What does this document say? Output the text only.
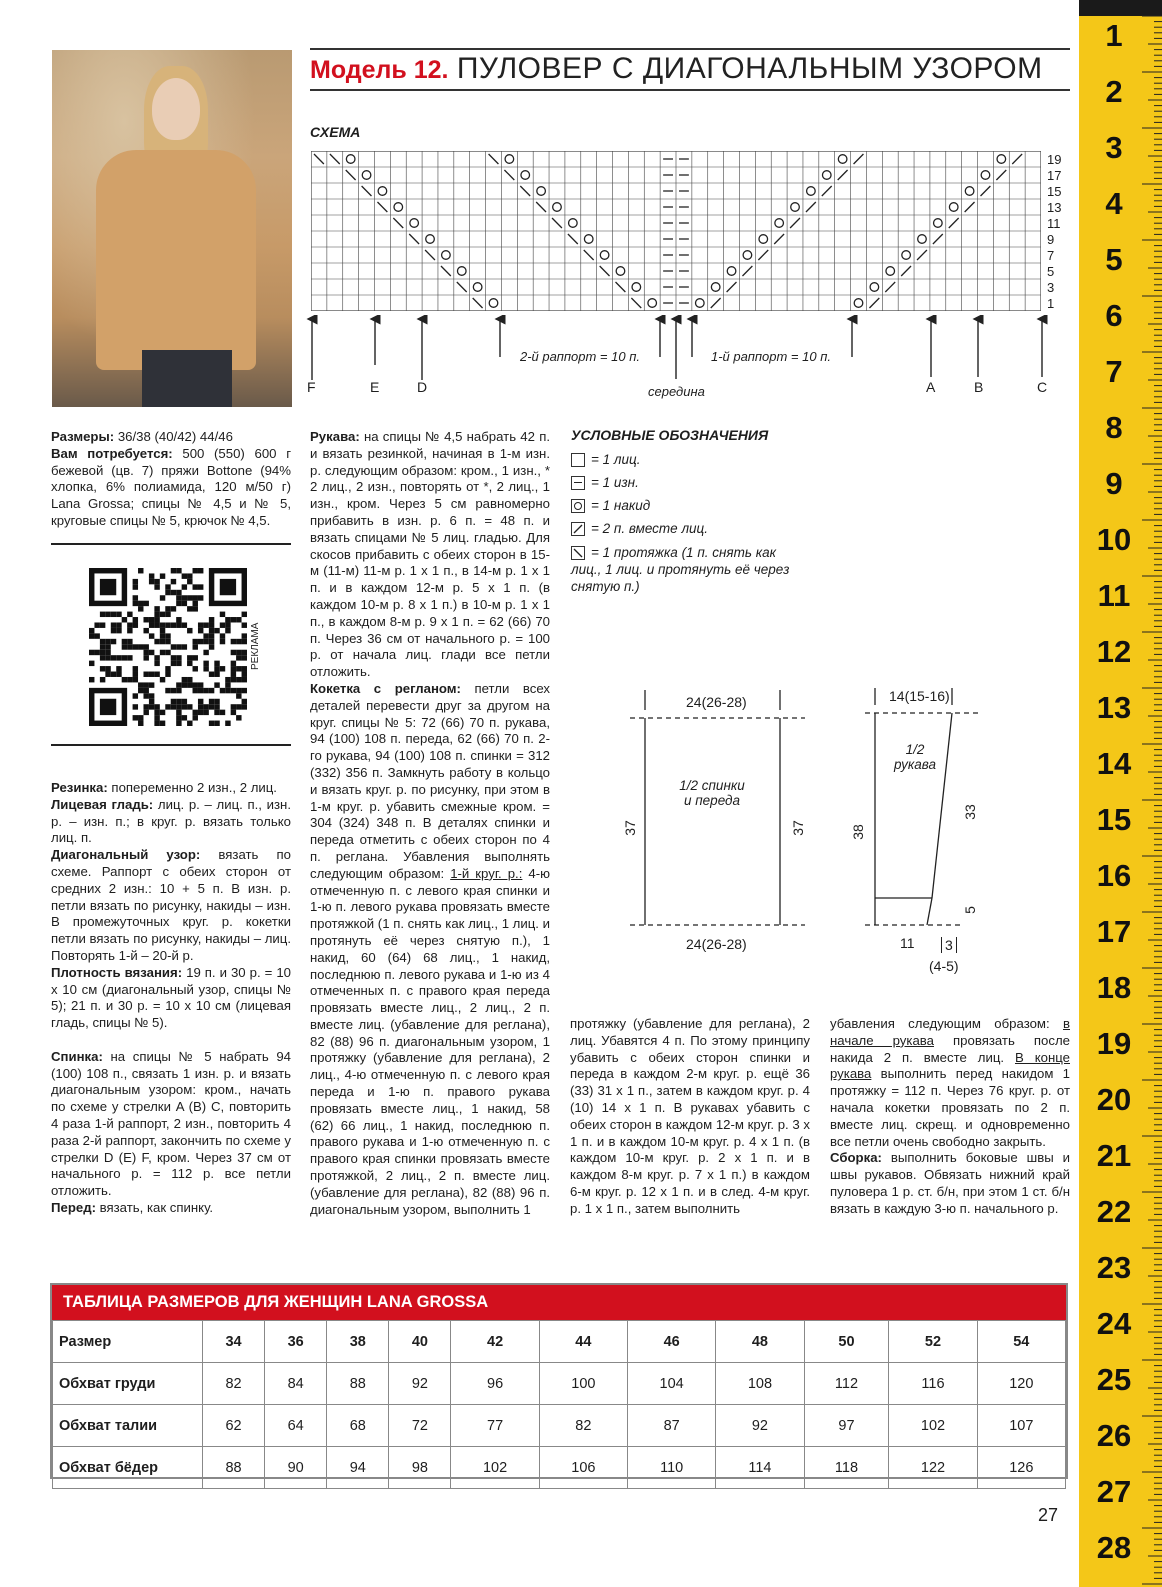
Модель 12. ПУЛОВЕР С ДИАГОНАЛЬНЫМ УЗОРОМ
СХЕМА
19
17
15
13
11
9
7
5
3
1
F	E	D	A	B	C
2-й раппорт = 10 п.	1-й раппорт = 10 п.
середина
Размеры: 36/38 (40/42) 44/46
Вам потребуется: 500 (550) 600 г бежевой (цв. 7) пряжи Bottone (94% хлопка, 6% полиамида, 120 м/50 г) Lana Grossa; спицы № 4,5 и № 5, круговые спицы № 5, крючок № 4,5.
РЕКЛАМА
Резинка: попеременно 2 изн., 2 лиц.
Лицевая гладь: лиц. р. – лиц. п., изн. р. – изн. п.; в круг. р. вязать только лиц. п.
Диагональный узор: вязать по схеме. Раппорт с обеих сторон от средних 2 изн.: 10 + 5 п. В изн. р. петли вязать по рисунку, накиды – изн. В промежуточных круг. р. кокетки петли вязать по рисунку, накиды – лиц. Повторять 1-й – 20-й р.
Плотность вязания: 19 п. и 30 р. = 10 х 10 см (диагональный узор, спицы № 5); 21 п. и 30 р. = 10 х 10 см (лицевая гладь, спицы № 5).

Спинка: на спицы № 5 набрать 94 (100) 108 п., связать 1 изн. р. и вязать диагональным узором: кром., начать по схеме у стрелки A (B) C, повторить 4 раза 1-й раппорт, 2 изн., повторить 4 раза 2-й раппорт, закончить по схеме у стрелки D (E) F, кром. Через 37 см от начального р. = 112 р. все петли отложить.
Перед: вязать, как спинку.
Рукава: на спицы № 4,5 набрать 42 п. и вязать резинкой, начиная в 1-м изн. р. следующим образом: кром., 1 изн., * 2 лиц., 2 изн., повторять от *, 2 лиц., 1 изн., кром. Через 5 см равномерно прибавить в изн. р. 6 п. = 48 п. и вязать спицами № 5 лиц. гладью. Для скосов прибавить с обеих сторон в 15-м (11-м) 11-м р. 1 х 1 п., в 14-м р. 1 х 1 п. и в каждом 12-м р. 5 х 1 п. (в каждом 10-м р. 8 х 1 п.) в 10-м р. 1 х 1 п., в каждом 8-м р. 9 х 1 п. = 62 (66) 70 п. Через 36 см от начального р. = 100 р. от начала лиц. глади все петли отложить.
Кокетка с регланом: петли всех деталей перевести друг за другом на круг. спицы № 5: 72 (66) 70 п. рукава, 94 (100) 108 п. переда, 62 (66) 70 п. 2-го рукава, 94 (100) 108 п. спинки = 312 (332) 356 п. Замкнуть работу в кольцо и вязать круг. р. по рисунку, при этом в 1-м круг. р. убавить смежные кром. = 304 (324) 348 п. В деталях спинки и переда отметить с обеих сторон по 4 п. реглана. Убавления выполнять следующим образом: 1-й круг. р.: 4-ю отмеченную п. с левого края спинки и 1-ю п. левого рукава провязать вместе протяжкой (1 п. снять как лиц., 1 лиц. и протянуть её через снятую п.), 1 накид, 60 (64) 68 лиц., 1 накид, последнюю п. левого рукава и 1-ю из 4 отмеченных п. с правого края переда провязать вместе лиц., 2 лиц., 2 п. вместе лиц. (убавление для реглана), 82 (88) 96 п. диагональным узором, 1 протяжку (убавление для реглана), 2 лиц., 4-ю отмеченную п. с левого края переда и 1-ю п. правого рукава провязать вместе лиц., 1 накид, 58 (62) 66 лиц., 1 накид, последнюю п. правого рукава и 1-ю отмеченную п. с правого края спинки провязать вместе протяжкой, 2 лиц., 2 п. вместе лиц. (убавление для реглана), 82 (88) 96 п. диагональным узором, выполнить 1
УСЛОВНЫЕ ОБОЗНАЧЕНИЯ
= 1 лиц.
= 1 изн.
= 1 накид
= 2 п. вместе лиц.
= 1 протяжка (1 п. снять как лиц., 1 лиц. и протянуть её через снятую п.)
24(26-28)
24(26-28)
37	37
1/2 спинки
и переда
14(15-16)
1/2
рукава
38
33
5
11 3
(4-5)
протяжку (убавление для реглана), 2 лиц. Убавятся 4 п. По этому принципу убавить с обеих сторон спинки и переда в каждом 2-м круг. р. ещё 36 (33) 31 х 1 п., затем в каждом круг. р. 4 (10) 14 х 1 п. В рукавах убавить с обеих сторон в каждом 12-м круг. р. 3 х 1 п. и в каждом 10-м круг. р. 4 х 1 п. (в каждом 10-м круг. р. 2 х 1 п. и в каждом 8-м круг. р. 7 х 1 п.) в каждом 6-м круг. р. 12 х 1 п. и в след. 4-м круг. р. 1 х 1 п., затем выполнить
убавления следующим образом: в начале рукава провязать после накида 2 п. вместе лиц. В конце рукава выполнить перед накидом 1 протяжку = 112 п. Через 76 круг. р. от начала кокетки провязать по 2 п. вместе лиц. скрещ. и одновременно все петли очень свободно закрыть.
Сборка: выполнить боковые швы и швы рукавов. Обвязать нижний край пуловера 1 р. ст. б/н, при этом 1 ст. б/н вязать в каждую 3-ю п. начального р.
ТАБЛИЦА РАЗМЕРОВ ДЛЯ ЖЕНЩИН LANA GROSSA
Размер	34	36	38	40	42	44	46	48	50	52	54
Обхват груди	82	84	88	92	96	100	104	108	112	116	120
Обхват талии	62	64	68	72	77	82	87	92	97	102	107
Обхват бёдер	88	90	94	98	102	106	110	114	118	122	126
27
1
2
3
4
5
6
7
8
9
10
11
12
13
14
15
16
17
18
19
20
21
22
23
24
25
26
27
28
